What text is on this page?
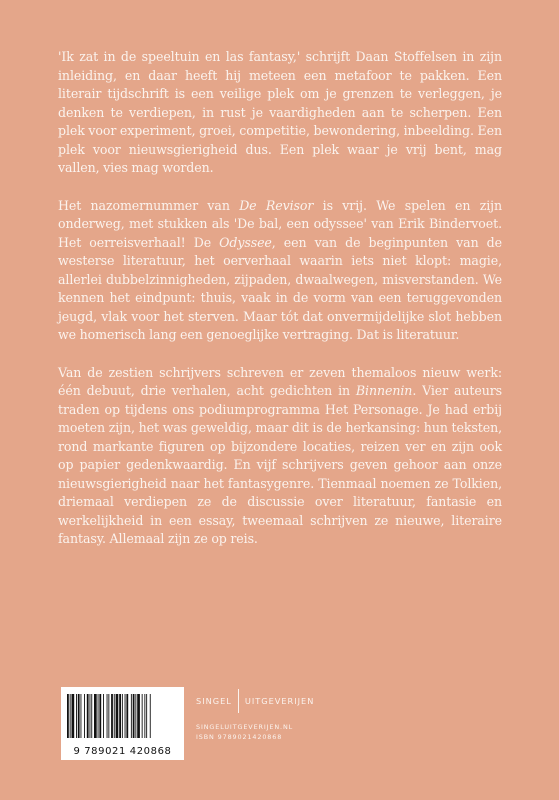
'Ik zat in de speeltuin en las fantasy,' schrijft Daan Stoffelsen in zijn inleiding, en daar heeft hij meteen een metafoor te pakken. Een literair tijdschrift is een veilige plek om je grenzen te verleggen, je denken te verdiepen, in rust je vaardigheden aan te scherpen. Een plek voor experiment, groei, competitie, bewondering, inbeelding. Een plek voor nieuwsgierigheid dus. Een plek waar je vrij bent, mag vallen, vies mag worden.

Het nazomernummer van De Revisor is vrij. We spelen en zijn onderweg, met stukken als 'De bal, een odyssee' van Erik Bindervoet. Het oerreisverhaal! De Odyssee, een van de beginpunten van de westerse literatuur, het oerverhaal waarin iets niet klopt: magie, allerlei dubbelzinnigheden, zijpaden, dwaalwegen, misverstanden. We kennen het eindpunt: thuis, vaak in de vorm van een teruggevonden jeugd, vlak voor het sterven. Maar tót dat onvermijdelijke slot hebben we homerisch lang een genoeglijke vertraging. Dat is literatuur.

Van de zestien schrijvers schreven er zeven themaloos nieuw werk: één debuut, drie verhalen, acht gedichten in Binnenin. Vier auteurs traden op tijdens ons podiumprogramma Het Personage. Je had erbij moeten zijn, het was geweldig, maar dit is de herkansing: hun teksten, rond markante figuren op bijzondere locaties, reizen ver en zijn ook op papier gedenkwaardig. En vijf schrijvers geven gehoor aan onze nieuwsgierigheid naar het fantasygenre. Tienmaal noemen ze Tolkien, driemaal verdiepen ze de discussie over literatuur, fantasie en werkelijkheid in een essay, tweemaal schrijven ze nieuwe, literaire fantasy. Allemaal zijn ze op reis.

9 789021 420868
SINGEL UITGEVERIJEN
SINGELUITGEVERIJEN.NL
ISBN 9789021420868
